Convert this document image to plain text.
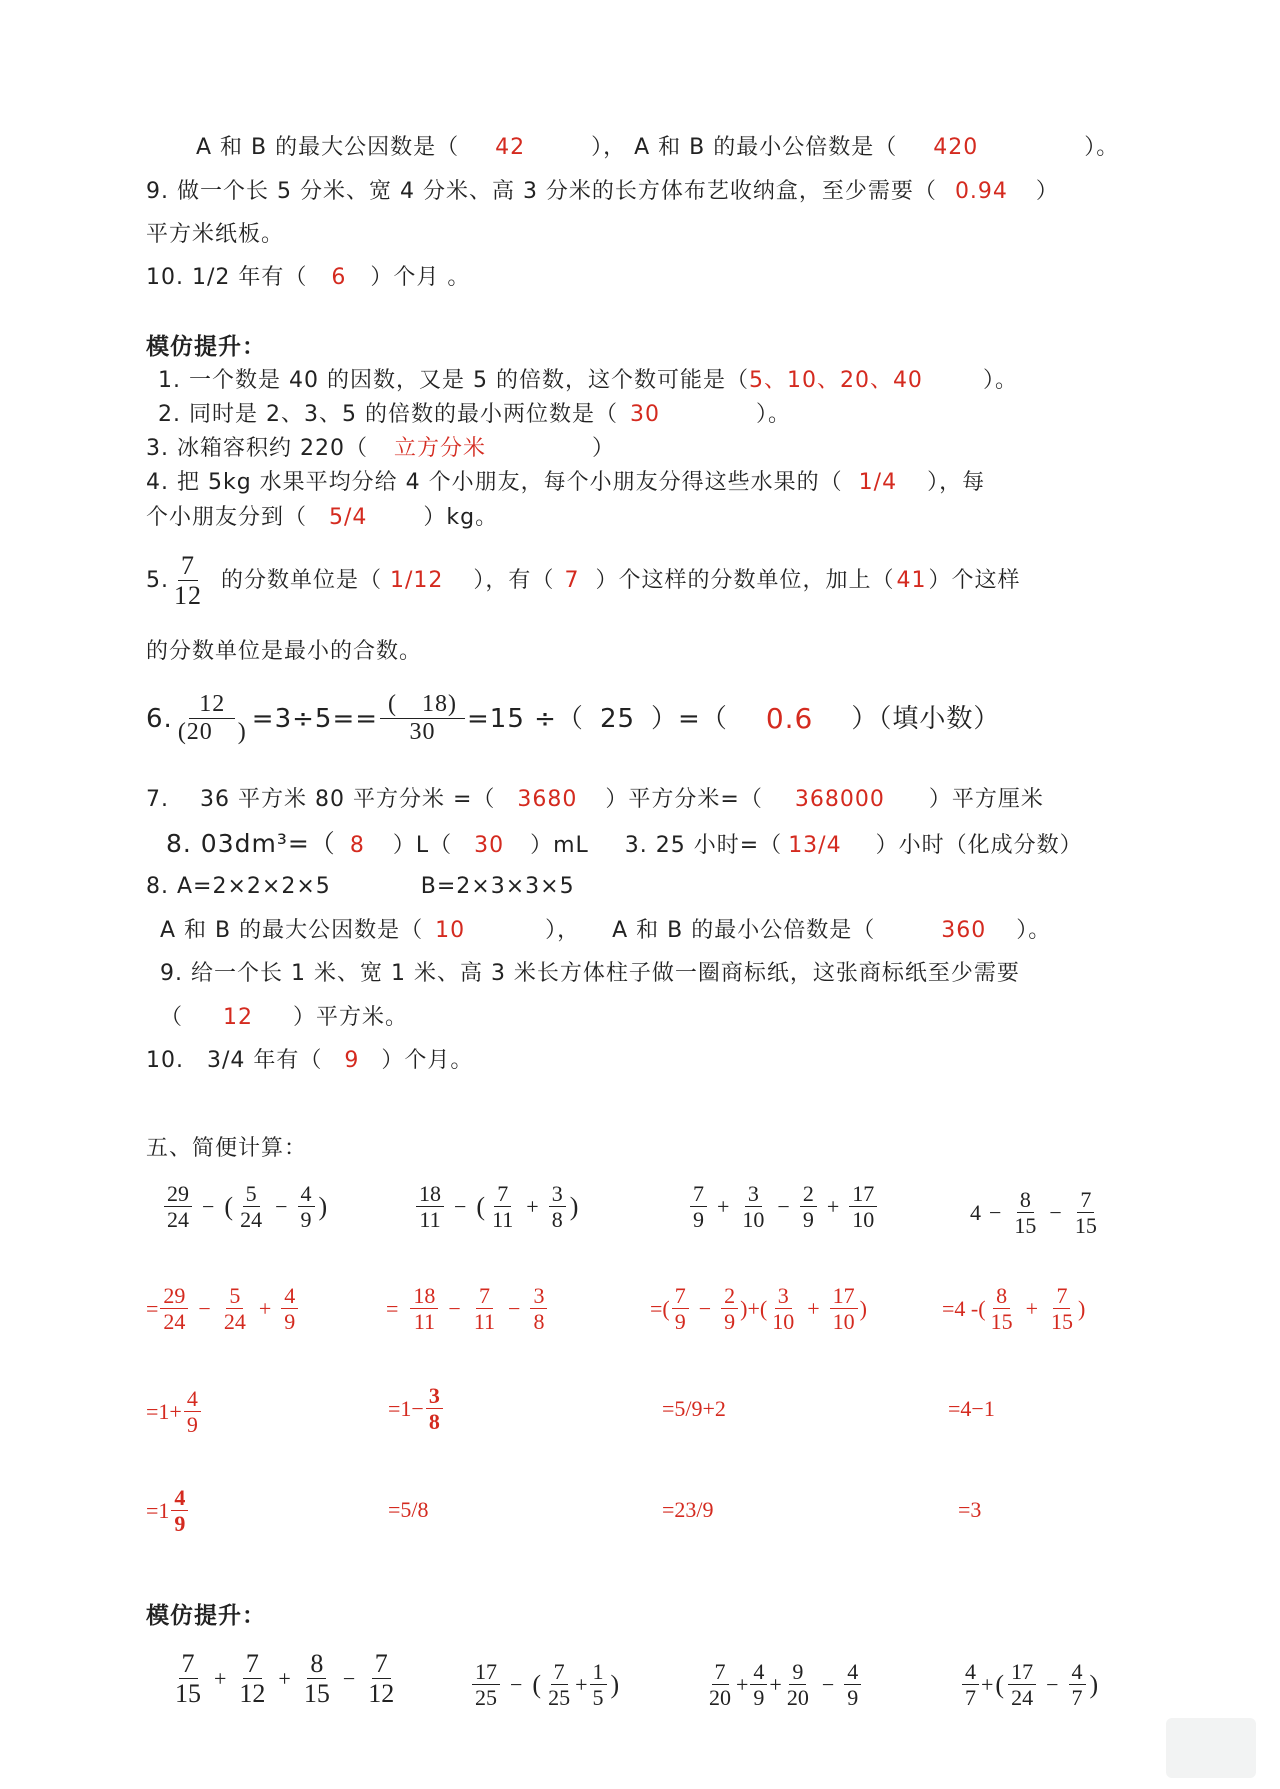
A 和 B 的最大公因数是（ 42	）， A 和 B 的最小公倍数是（ 420	）。
9. 做一个长 5 分米、宽 4 分米、高 3 分米的长方体布艺收纳盒，至少需要（ 0.94 ）
平方米纸板。
10. 1/2 年有（ 6 ）个月 。
模仿提升：
1. 一个数是 40 的因数，又是 5 的倍数，这个数可能是（5、10、20、40	）。
2. 同时是 2、3、5 的倍数的最小两位数是（ 30	）。
3. 冰箱容积约 220（ 立方分米	）
4. 把 5kg 水果平均分给 4 个小朋友，每个小朋友分得这些水果的（ 1/4 ），每
个小朋友分到（ 5/4	）kg。
5. $\frac{7}{12}$ 的分数单位是（ 1/12 ），有（ 7 ）个这样的分数单位，加上（ 41 ）个这样
的分数单位是最小的合数。
6. $\frac{12}{(20 )} =3\div 5== \frac{( 18)}{30} =15$ ÷（ 25 ）=（ 0.6 ）（填小数）
7.　 36 平方米 80 平方分米 =（ 3680 ）平方分米=（ 368000 ）平方厘米
8. 03dm³=（ 8 ）L（ 30 ）mL 3. 25 小时=（ 13/4 ）小时（化成分数）
8. A=2×2×2×5	B=2×3×3×5
A 和 B 的最大公因数是（ 10	）， A 和 B 的最小公倍数是（	360 ）。
9. 给一个长 1 米、宽 1 米、高 3 米长方体柱子做一圈商标纸，这张商标纸至少需要
（ 12 ）平方米。
10.　3/4 年有（ 9 ）个月。
五、简便计算：
$\frac{29}{24}$ − ( $\frac{5}{24} - \frac{4}{9}$ )	$\frac{18}{11}$ − ( $\frac{7}{11} + \frac{3}{8}$ )	$\frac{7}{9} + \frac{3}{10} - \frac{2}{9} + \frac{17}{10}$	$4 - \frac{8}{15} - \frac{7}{15}$
= $\frac{29}{24} - \frac{5}{24} + \frac{4}{9}$	= $\frac{18}{11} - \frac{7}{11} - \frac{3}{8}$	=( $\frac{7}{9} - \frac{2}{9}$ )+( $\frac{3}{10} + \frac{17}{10}$ )	=4 - ( $\frac{8}{15} + \frac{7}{15}$ )
$=1+ \frac{4}{9}$	$=1- \frac{3}{8}$	=5/9+2	=4−1
$=1 \frac{4}{9}$	=5/8	=23/9	=3
模仿提升：
$\frac{7}{15} + \frac{7}{12} + \frac{8}{15} - \frac{7}{12}$	$\frac{17}{25}$ − ( $\frac{7}{25} + \frac{1}{5}$ )	$\frac{7}{20} + \frac{4}{9} + \frac{9}{20} - \frac{4}{9}$	$\frac{4}{7}$ + ( $\frac{17}{24} - \frac{4}{7}$ )
